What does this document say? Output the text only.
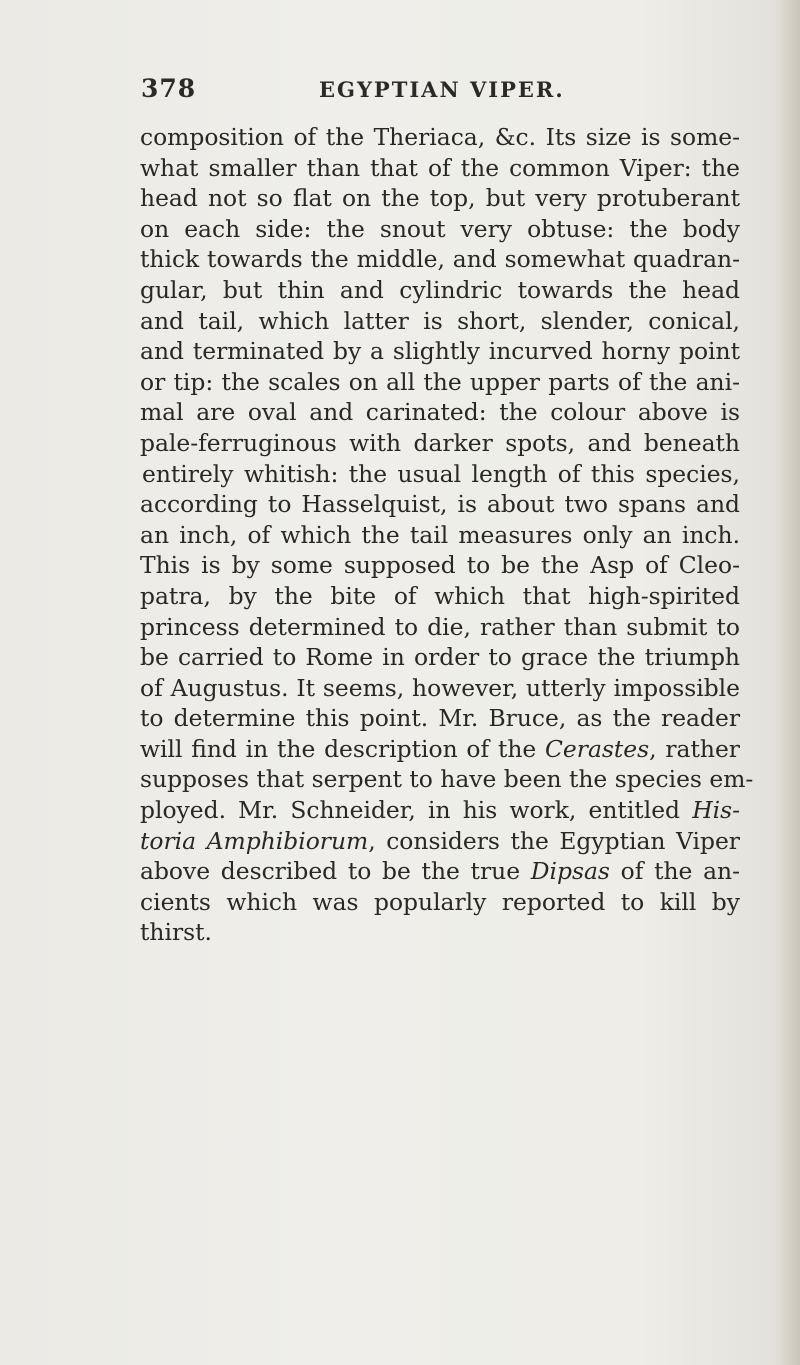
378	EGYPTIAN VIPER.
composition of the Theriaca, &c. Its size is some-
what smaller than that of the common Viper: the
head not so flat on the top, but very protuberant
on each side: the snout very obtuse: the body
thick towards the middle, and somewhat quadran-
gular, but thin and cylindric towards the head
and tail, which latter is short, slender, conical,
and terminated by a slightly incurved horny point
or tip: the scales on all the upper parts of the ani-
mal are oval and carinated: the colour above is
pale-ferruginous with darker spots, and beneath
entirely whitish: the usual length of this species,
according to Hasselquist, is about two spans and
an inch, of which the tail measures only an inch.
This is by some supposed to be the Asp of Cleo-
patra, by the bite of which that high-spirited
princess determined to die, rather than submit to
be carried to Rome in order to grace the triumph
of Augustus. It seems, however, utterly impossible
to determine this point. Mr. Bruce, as the reader
will find in the description of the Cerastes, rather
supposes that serpent to have been the species em-
ployed. Mr. Schneider, in his work, entitled His-
toria Amphibiorum, considers the Egyptian Viper
above described to be the true Dipsas of the an-
cients which was popularly reported to kill by
thirst.
